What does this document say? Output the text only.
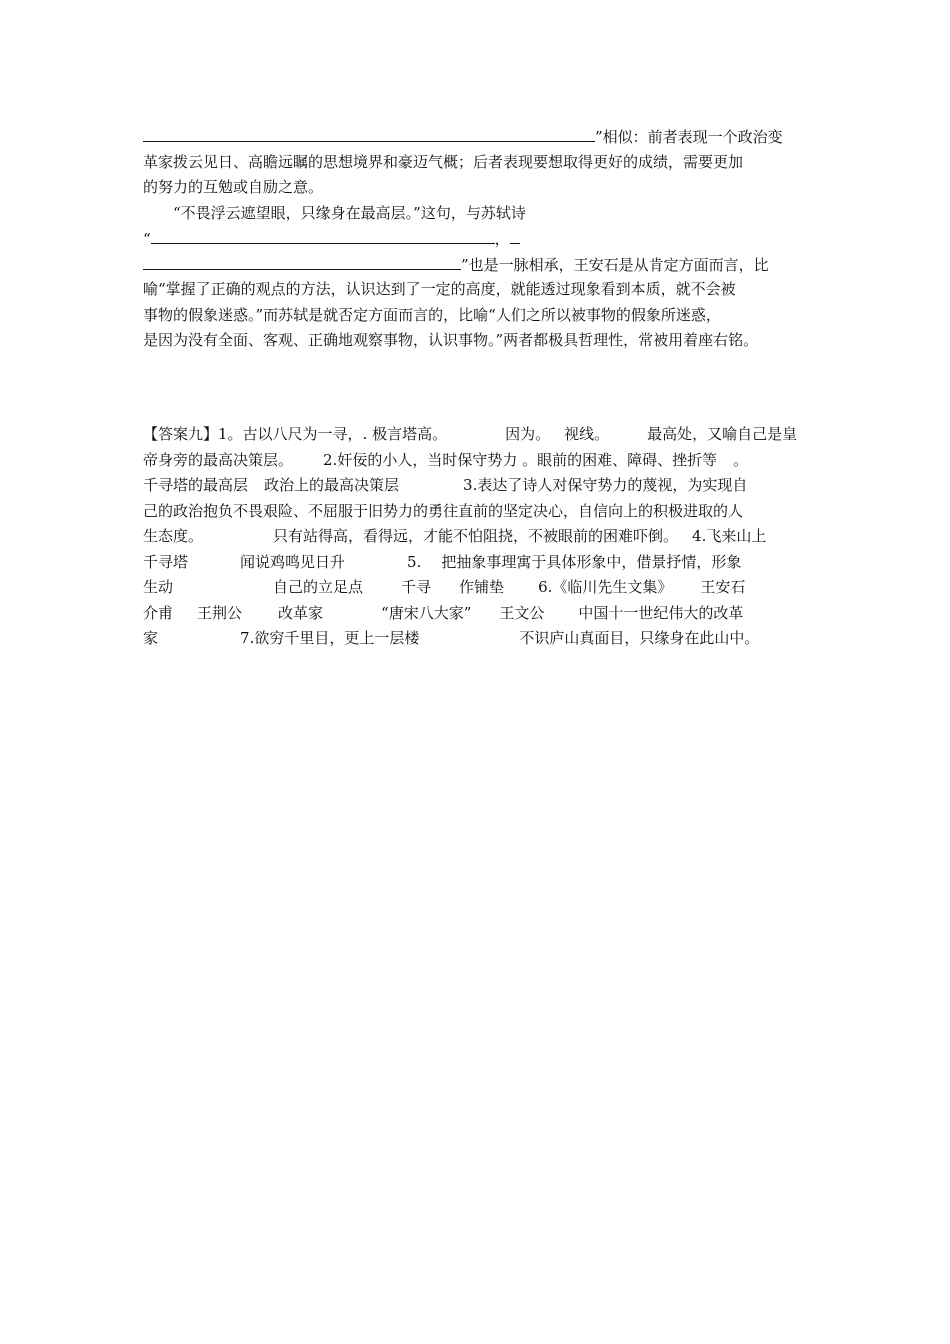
”相似：前者表现一个政治变
革家拨云见日、高瞻远瞩的思想境界和豪迈气概；后者表现要想取得更好的成绩，需要更加
的努力的互勉或自励之意。
“不畏浮云遮望眼，只缘身在最高层。”这句，与苏轼诗
“	，
”也是一脉相承，王安石是从肯定方面而言，比
喻“掌握了正确的观点的方法，认识达到了一定的高度，就能透过现象看到本质，就不会被
事物的假象迷惑。”而苏轼是就否定方面而言的，比喻“人们之所以被事物的假象所迷惑，
是因为没有全面、客观、正确地观察事物，认识事物。”两者都极具哲理性，常被用着座右铭。
【答案九】1。古以八尺为一寻，. 极言塔高。	因为。 视线。	最高处，又喻自己是皇
帝身旁的最高决策层。 2.奸佞的小人，当时保守势力 。眼前的困难、障碍、挫折等 。
千寻塔的最高层 政治上的最高决策层	3.表达了诗人对保守势力的蔑视，为实现自
己的政治抱负不畏艰险、不屈服于旧势力的勇往直前的坚定决心，自信向上的积极进取的人
生态度。	只有站得高，看得远，才能不怕阻挠，不被眼前的困难吓倒。 4.飞来山上
千寻塔	闻说鸡鸣见日升	5. 把抽象事理寓于具体形象中，借景抒情，形象
生动	自己的立足点	千寻 作铺垫 6.《临川先生文集》 王安石
介甫 王荆公 改革家	“唐宋八大家” 王文公 中国十一世纪伟大的改革
家	7.欲穷千里目，更上一层楼	不识庐山真面目，只缘身在此山中。
